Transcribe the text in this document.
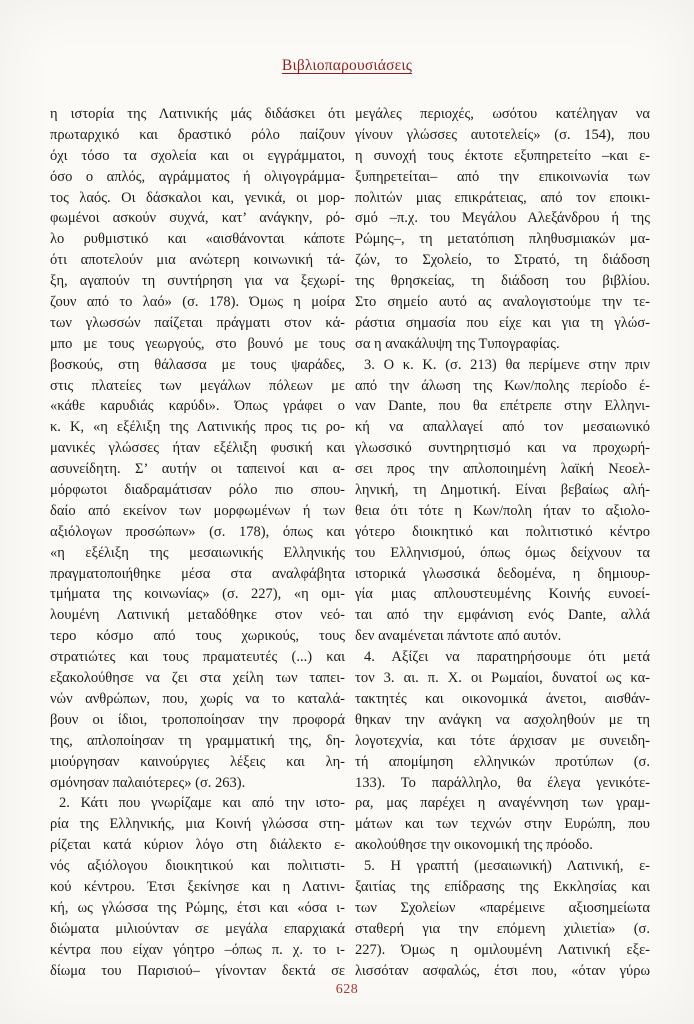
Βιβλιοπαρουσιάσεις
η ιστορία της Λατινικής μάς διδάσκει ότι
πρωταρχικό και δραστικό ρόλο παίζουν
όχι τόσο τα σχολεία και οι εγγράμματοι,
όσο ο απλός, αγράμματος ή ολιγογράμμα-
τος λαός. Οι δάσκαλοι και, γενικά, οι μορ-
φωμένοι ασκούν συχνά, κατ’ ανάγκην, ρό-
λο ρυθμιστικό και «αισθάνονται κάποτε
ότι αποτελούν μια ανώτερη κοινωνική τά-
ξη, αγαπούν τη συντήρηση για να ξεχωρί-
ζουν από το λαό» (σ. 178). Όμως η μοίρα
των γλωσσών παίζεται πράγματι στον κά-
μπο με τους γεωργούς, στο βουνό με τους
βοσκούς, στη θάλασσα με τους ψαράδες,
στις πλατείες των μεγάλων πόλεων με
«κάθε καρυδιάς καρύδι». Όπως γράφει ο
κ. Κ, «η εξέλιξη της Λατινικής προς τις ρο-
μανικές γλώσσες ήταν εξέλιξη φυσική και
ασυνείδητη. Σ’ αυτήν οι ταπεινοί και α-
μόρφωτοι διαδραμάτισαν ρόλο πιο σπου-
δαίο από εκείνον των μορφωμένων ή των
αξιόλογων προσώπων» (σ. 178), όπως και
«η εξέλιξη της μεσαιωνικής Ελληνικής
πραγματοποιήθηκε μέσα στα αναλφάβητα
τμήματα της κοινωνίας» (σ. 227), «η ομι-
λουμένη Λατινική μεταδόθηκε στον νεό-
τερο κόσμο από τους χωρικούς, τους
στρατιώτες και τους πραματευτές (...) και
εξακολούθησε να ζει στα χείλη των ταπει-
νών ανθρώπων, που, χωρίς να το καταλά-
βουν οι ίδιοι, τροποποίησαν την προφορά
της, απλοποίησαν τη γραμματική της, δη-
μιούργησαν καινούργιες λέξεις και λη-
σμόνησαν παλαιότερες» (σ. 263).
2. Κάτι που γνωρίζαμε και από την ιστο-
ρία της Ελληνικής, μια Κοινή γλώσσα στη-
ρίζεται κατά κύριον λόγο στη διάλεκτο ε-
νός αξιόλογου διοικητικού και πολιτιστι-
κού κέντρου. Έτσι ξεκίνησε και η Λατινι-
κή, ως γλώσσα της Ρώμης, έτσι και «όσα ι-
διώματα μιλιούνταν σε μεγάλα επαρχιακά
κέντρα που είχαν γόητρο –όπως π. χ. το ι-
δίωμα του Παρισιού– γίνονταν δεκτά σε
μεγάλες περιοχές, ωσότου κατέληγαν να
γίνουν γλώσσες αυτοτελείς» (σ. 154), που
η συνοχή τους έκτοτε εξυπηρετείτο –και ε-
ξυπηρετείται– από την επικοινωνία των
πολιτών μιας επικράτειας, από τον εποικι-
σμό –π.χ. του Μεγάλου Αλεξάνδρου ή της
Ρώμης–, τη μετατόπιση πληθυσμιακών μα-
ζών, το Σχολείο, το Στρατό, τη διάδοση
της θρησκείας, τη διάδοση του βιβλίου.
Στο σημείο αυτό ας αναλογιστούμε την τε-
ράστια σημασία που είχε και για τη γλώσ-
σα η ανακάλυψη της Τυπογραφίας.
3. Ο κ. Κ. (σ. 213) θα περίμενε στην πριν
από την άλωση της Κων/πολης περίοδο έ-
ναν Dante, που θα επέτρεπε στην Ελληνι-
κή να απαλλαγεί από τον μεσαιωνικό
γλωσσικό συντηρητισμό και να προχωρή-
σει προς την απλοποιημένη λαϊκή Νεοελ-
ληνική, τη Δημοτική. Είναι βεβαίως αλή-
θεια ότι τότε η Κων/πολη ήταν το αξιολο-
γότερο διοικητικό και πολιτιστικό κέντρο
του Ελληνισμού, όπως όμως δείχνουν τα
ιστορικά γλωσσικά δεδομένα, η δημιουρ-
γία μιας απλουστευμένης Κοινής ευνοεί-
ται από την εμφάνιση ενός Dante, αλλά
δεν αναμένεται πάντοτε από αυτόν.
4. Αξίζει να παρατηρήσουμε ότι μετά
τον 3. αι. π. Χ. οι Ρωμαίοι, δυνατοί ως κα-
τακτητές και οικονομικά άνετοι, αισθάν-
θηκαν την ανάγκη να ασχοληθούν με τη
λογοτεχνία, και τότε άρχισαν με συνειδη-
τή απομίμηση ελληνικών προτύπων (σ.
133). Το παράλληλο, θα έλεγα γενικότε-
ρα, μας παρέχει η αναγέννηση των γραμ-
μάτων και των τεχνών στην Ευρώπη, που
ακολούθησε την οικονομική της πρόοδο.
5. Η γραπτή (μεσαιωνική) Λατινική, ε-
ξαιτίας της επίδρασης της Εκκλησίας και
των Σχολείων «παρέμεινε αξιοσημείωτα
σταθερή για την επόμενη χιλιετία» (σ.
227). Όμως η ομιλουμένη Λατινική εξε-
λισσόταν ασφαλώς, έτσι που, «όταν γύρω
628
